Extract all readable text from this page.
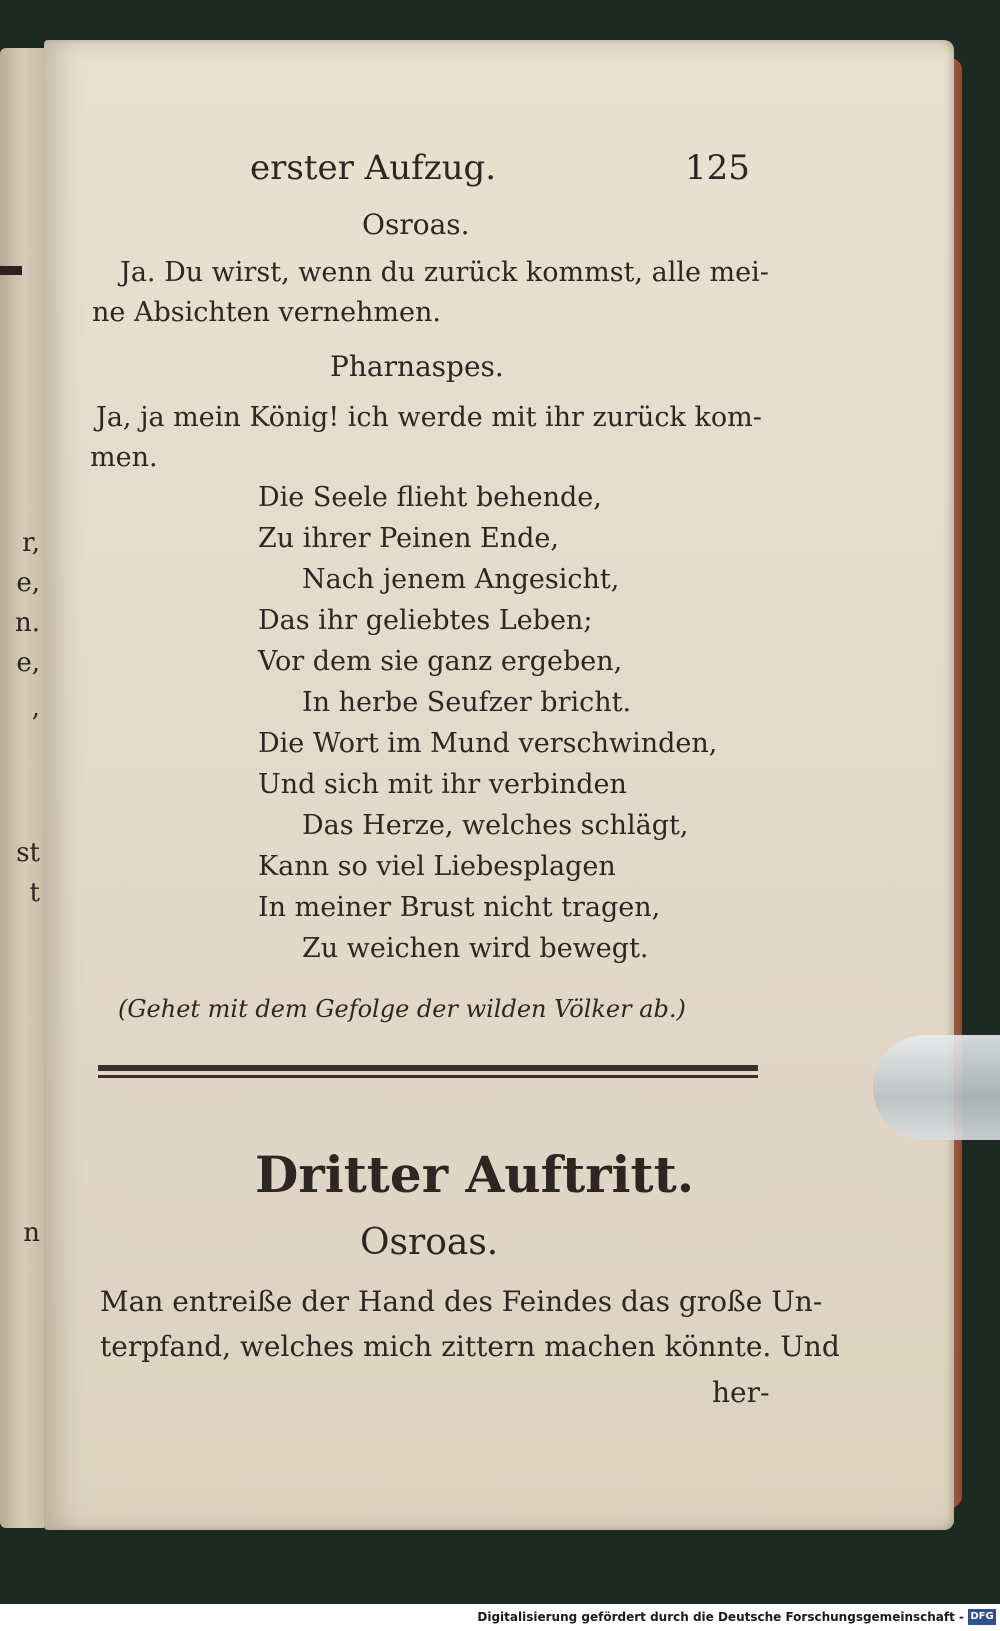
r,
e,
n.
e,
,
st
t
n
erster Aufzug.	125
Osroas.
Ja. Du wirst, wenn du zurück kommst, alle mei-
ne Absichten vernehmen.
Pharnaspes.
Ja, ja mein König! ich werde mit ihr zurück kom-
men.
Die Seele flieht behende,
Zu ihrer Peinen Ende,
Nach jenem Angesicht,
Das ihr geliebtes Leben;
Vor dem sie ganz ergeben,
In herbe Seufzer bricht.
Die Wort im Mund verschwinden,
Und sich mit ihr verbinden
Das Herze, welches schlägt,
Kann so viel Liebesplagen
In meiner Brust nicht tragen,
Zu weichen wird bewegt.
(Gehet mit dem Gefolge der wilden Völker ab.)
Dritter Auftritt.
Osroas.
Man entreiße der Hand des Feindes das große Un-
terpfand, welches mich zittern machen könnte. Und
her-
Digitalisierung gefördert durch die Deutsche Forschungsgemeinschaft - DFG
